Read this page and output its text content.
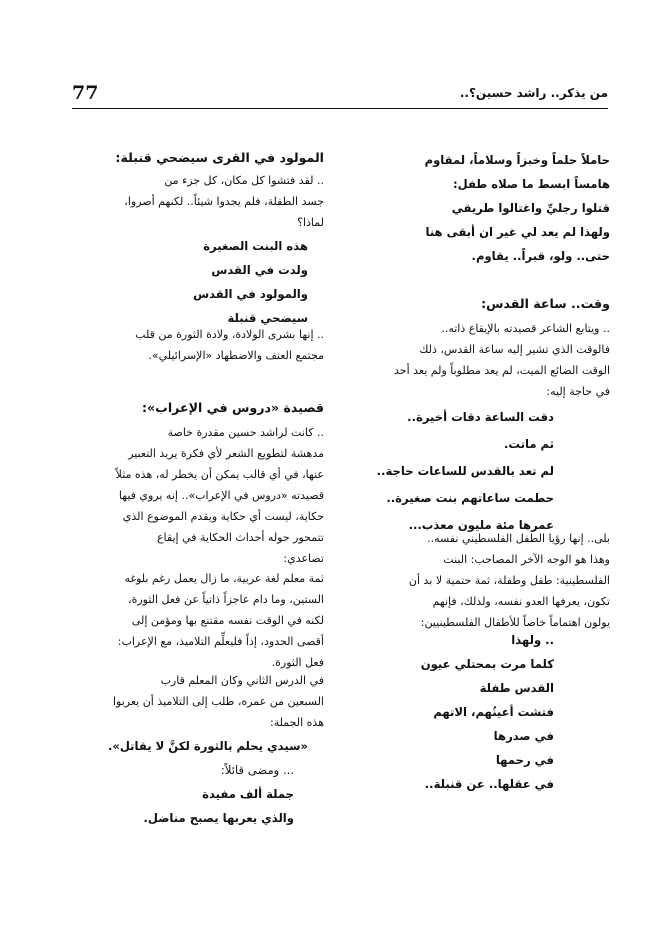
77	من يذكر.. راشد حسين؟..
حاملاً حلماً وخبزاً وسلاماً، لمقاوم
هامساً ابسط ما صلاه طفل:
قتلوا رجليِّ واغتالوا طريقي
ولهذا لم يعد لي غير ان أبقى هنا
حتى.. ولو، قبراً.. يقاوم.
وقت.. ساعة القدس:
.. ويتابع الشاعر قصيدته بالإيقاع ذاته..
فالوقت الذي تشير إليه ساعة القدس، ذلك
الوقت الضائع الميت، لم يعد مطلوباً ولم يعد أحد
في حاجة إليه:
دقت الساعة دقات أخيرة..
ثم ماتت.
لم تعد بالقدس للساعات حاجة..
حطمت ساعاتهم بنت صغيرة..
عمرها مئة مليون معذب...
بلى.. إنها رؤيا الطفل الفلسطيني نفسه..
وهذا هو الوجه الآخر المصاحب: البنت
الفلسطينية: طفل وطفلة، ثمة حتمية لا بد أن
تكون، يعرفها العدو نفسه، ولذلك، فإنهم
يولون اهتماماً خاصاً للأطفال الفلسطينيين:
.. ولهذا
كلما مرت بمحتلي عيون
القدس طفلة
فتشت أعينُهم، الاتهم
في صدرها
في رحمها
في عقلها.. عن قنبلة..
المولود في القرى سيضحي قنبلة:
.. لقد فتشوا كل مكان، كل جزء من
جسد الطفلة، فلم يجدوا شيئاً.. لكنهم أصروا،
لماذا؟
هذه البنت الصغيرة
ولدت في القدس
والمولود في القدس
سيضحي قنبلة
.. إنها بشرى الولادة، ولادة الثورة من قلب
مجتمع العنف والاضطهاد «الإسرائيلي».
قصيدة «دروس في الإعراب»:
.. كانت لراشد حسين مقدرة خاصة
مدهشة لتطويع الشعر لأي فكرة يريد التعبير
عنها، في أي قالب يمكن أن يخطر له، هذه مثلاً
قصيدته «دروس في الإعراب».. إنه يروي فيها
حكاية، ليست أي حكاية ويقدم الموضوع الذي
تتمحور حوله أحداث الحكاية في إيقاع
تصاعدي:
ثمة معلم لغة عربية، ما زال يعمل رغم بلوغه
الستين، وما دام عاجزاً ذاتياً عن فعل الثورة،
لكنه في الوقت نفسه مقتنع بها ومؤمن إلى
أقصى الحدود، إذاً فليعلِّم التلاميذ، مع الإعراب:
فعل الثورة.
في الدرس الثاني وكان المعلم قارب
السبعين من عمره، طلب إلى التلاميذ أن يعربوا
هذه الجملة:
«سيدي يحلم بالثورة لكنَّ لا يقاتل».
... ومضى قائلاً:
جملة ألف مفيدة
والذي يعربها يصبح مناضل.
